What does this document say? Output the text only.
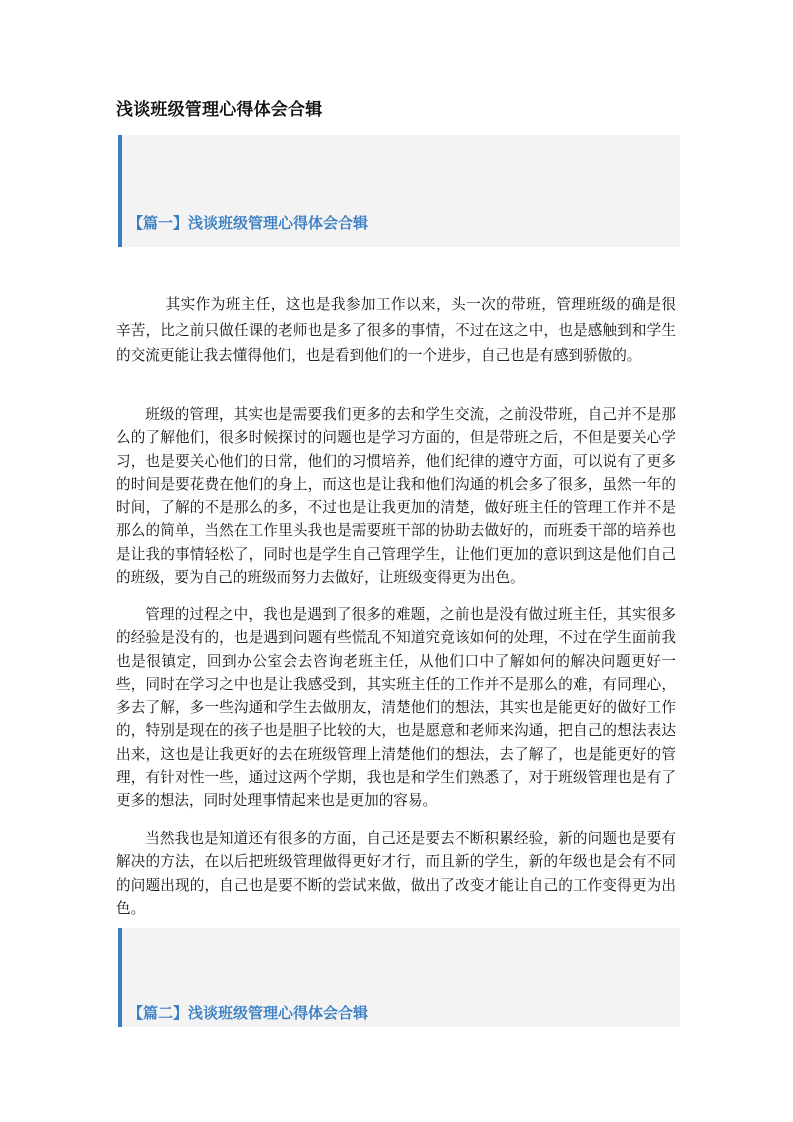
浅谈班级管理心得体会合辑
【篇一】浅谈班级管理心得体会合辑

其实作为班主任，这也是我参加工作以来，头一次的带班，管理班级的确是很辛苦，比之前只做任课的老师也是多了很多的事情，不过在这之中，也是感触到和学生的交流更能让我去懂得他们，也是看到他们的一个进步，自己也是有感到骄傲的。

班级的管理，其实也是需要我们更多的去和学生交流，之前没带班，自己并不是那么的了解他们，很多时候探讨的问题也是学习方面的，但是带班之后，不但是要关心学习，也是要关心他们的日常，他们的习惯培养，他们纪律的遵守方面，可以说有了更多的时间是要花费在他们的身上，而这也是让我和他们沟通的机会多了很多，虽然一年的时间，了解的不是那么的多，不过也是让我更加的清楚，做好班主任的管理工作并不是那么的简单，当然在工作里头我也是需要班干部的协助去做好的，而班委干部的培养也是让我的事情轻松了，同时也是学生自己管理学生，让他们更加的意识到这是他们自己的班级，要为自己的班级而努力去做好，让班级变得更为出色。

管理的过程之中，我也是遇到了很多的难题，之前也是没有做过班主任，其实很多的经验是没有的，也是遇到问题有些慌乱不知道究竟该如何的处理，不过在学生面前我也是很镇定，回到办公室会去咨询老班主任，从他们口中了解如何的解决问题更好一些，同时在学习之中也是让我感受到，其实班主任的工作并不是那么的难，有同理心，多去了解，多一些沟通和学生去做朋友，清楚他们的想法，其实也是能更好的做好工作的，特别是现在的孩子也是胆子比较的大，也是愿意和老师来沟通，把自己的想法表达出来，这也是让我更好的去在班级管理上清楚他们的想法，去了解了，也是能更好的管理，有针对性一些，通过这两个学期，我也是和学生们熟悉了，对于班级管理也是有了更多的想法，同时处理事情起来也是更加的容易。

当然我也是知道还有很多的方面，自己还是要去不断积累经验，新的问题也是要有解决的方法，在以后把班级管理做得更好才行，而且新的学生，新的年级也是会有不同的问题出现的，自己也是要不断的尝试来做，做出了改变才能让自己的工作变得更为出色。

【篇二】浅谈班级管理心得体会合辑
